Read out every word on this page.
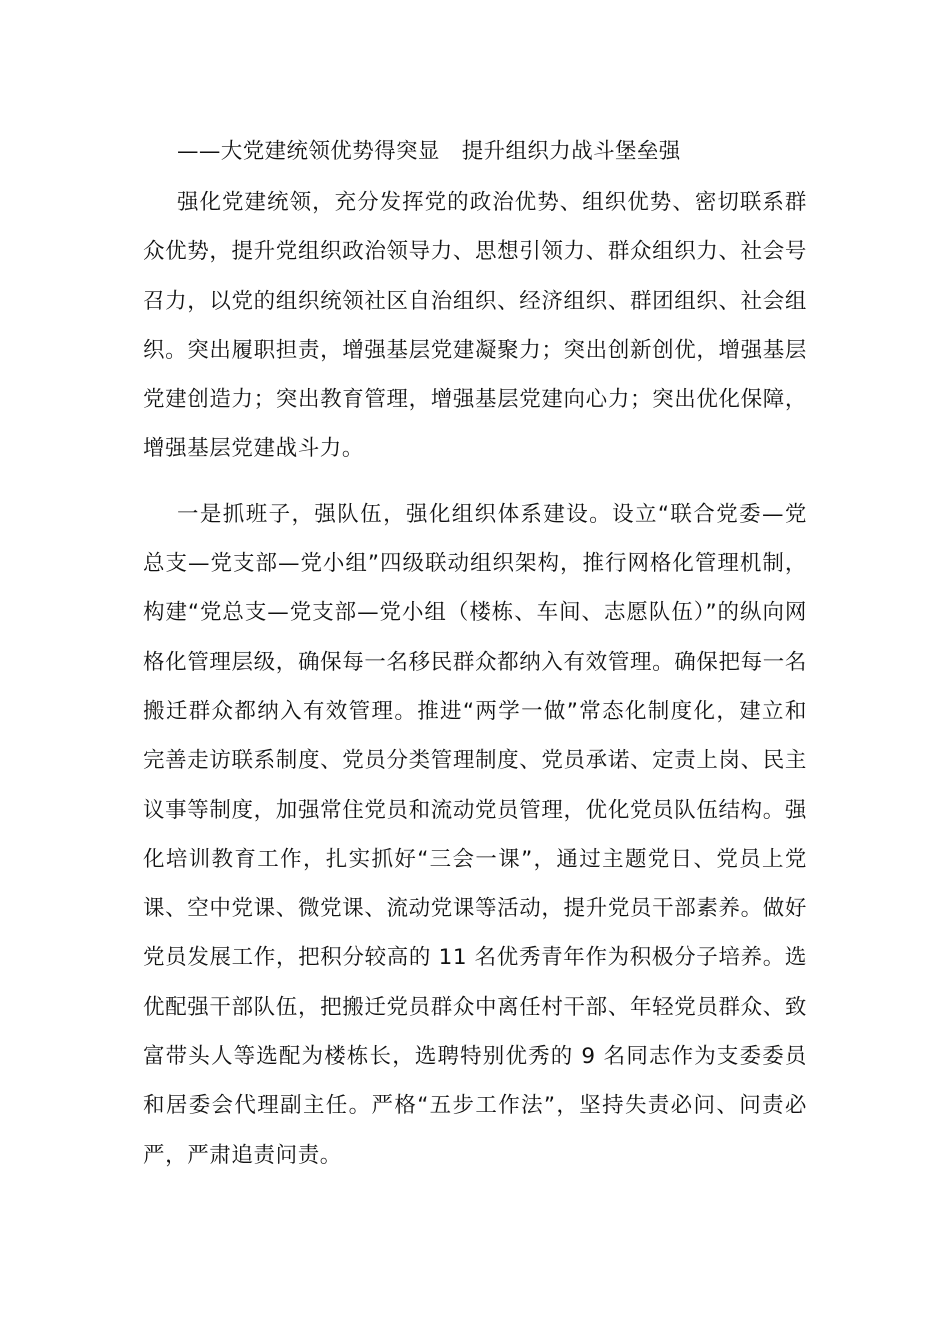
——大党建统领优势得突显　提升组织力战斗堡垒强

强化党建统领，充分发挥党的政治优势、组织优势、密切联系群众优势，提升党组织政治领导力、思想引领力、群众组织力、社会号召力，以党的组织统领社区自治组织、经济组织、群团组织、社会组织。突出履职担责，增强基层党建凝聚力；突出创新创优，增强基层党建创造力；突出教育管理，增强基层党建向心力；突出优化保障，增强基层党建战斗力。

一是抓班子，强队伍，强化组织体系建设。设立“联合党委—党总支—党支部—党小组”四级联动组织架构，推行网格化管理机制，构建“党总支—党支部—党小组（楼栋、车间、志愿队伍）”的纵向网格化管理层级，确保每一名移民群众都纳入有效管理。确保把每一名搬迁群众都纳入有效管理。推进“两学一做”常态化制度化，建立和完善走访联系制度、党员分类管理制度、党员承诺、定责上岗、民主议事等制度，加强常住党员和流动党员管理，优化党员队伍结构。强化培训教育工作，扎实抓好“三会一课”，通过主题党日、党员上党课、空中党课、微党课、流动党课等活动，提升党员干部素养。做好党员发展工作，把积分较高的 11 名优秀青年作为积极分子培养。选优配强干部队伍，把搬迁党员群众中离任村干部、年轻党员群众、致富带头人等选配为楼栋长，选聘特别优秀的 9 名同志作为支委委员和居委会代理副主任。严格“五步工作法”，坚持失责必问、问责必严，严肃追责问责。
